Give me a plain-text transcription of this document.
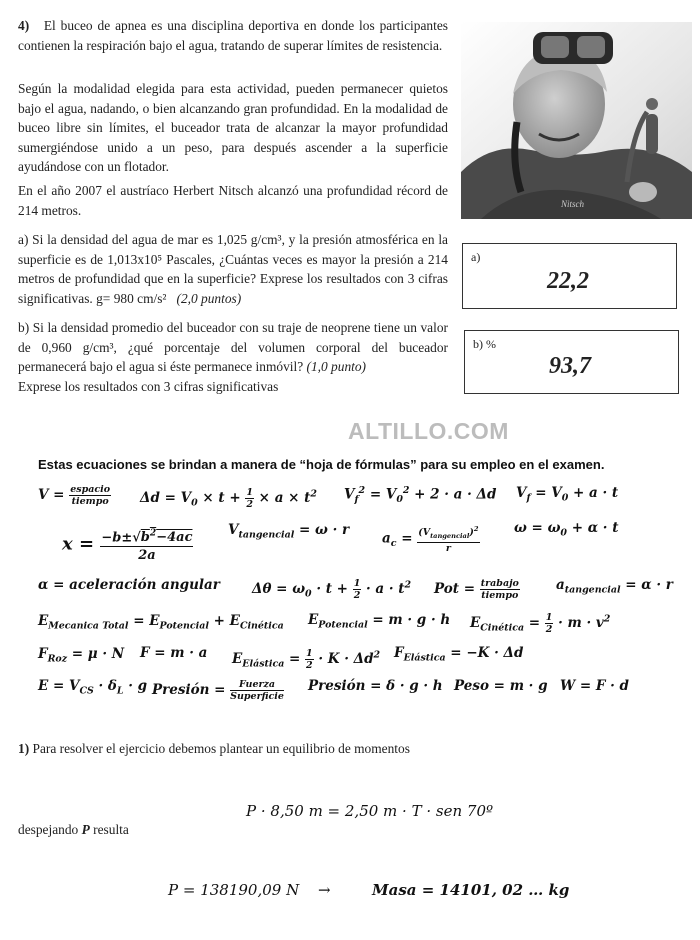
4) El buceo de apnea es una disciplina deportiva en donde los participantes contienen la respiración bajo el agua, tratando de superar límites de resistencia.
Según la modalidad elegida para esta actividad, pueden permanecer quietos bajo el agua, nadando, o bien alcanzando gran profundidad. En la modalidad de buceo libre sin límites, el buceador trata de alcanzar la mayor profundidad sumergiéndose unido a un peso, para después ascender a la superficie ayudándose con un flotador.
En el año 2007 el austríaco Herbert Nitsch alcanzó una profundidad récord de 214 metros.	Nitsch
a) Si la densidad del agua de mar es 1,025 g/cm³, y la presión atmosférica en la superficie es de 1,013x10⁵ Pascales, ¿Cuántas veces es mayor la presión a 214 metros de profundidad que en la superficie? Exprese los resultados con 3 cifras significativas. g= 980 cm/s² (2,0 puntos)
a)
22,2
b) Si la densidad promedio del buceador con su traje de neoprene tiene un valor de 0,960 g/cm³, ¿qué porcentaje del volumen corporal del buceador permanecerá bajo el agua si éste permanece inmóvil? (1,0 punto)
Exprese los resultados con 3 cifras significativas
b) %
93,7
ALTILLO.COM
Estas ecuaciones se brindan a manera de “hoja de fórmulas” para su empleo en el examen.
$V = \frac{\text{espacio}}{\text{tiempo}}$ $\Delta d = V_0 \times t + \frac{1}{2} \times a \times t^2$ $V_f^2 = V_0^2 + 2 \cdot a \cdot \Delta d$ $V_f = V_0 + a \cdot t$
$x = \frac{-b\pm√b^2-4ac}{2a}$	$V_{tangencial} = \omega \cdot r$
$a_c = \frac{(V_{tangencial})^2}{r}$	$\omega = \omega_0 + \alpha \cdot t$
α = aceleración angular $\Delta\theta = \omega_0 \cdot t + \frac{1}{2} \cdot a \cdot t^2$ Pot = $\frac{\text{trabajo}}{\text{tiempo}}$	$a_{tangencial} = \alpha \cdot r$
$E_{Mecanica Total} = E_{Potencial} + E_{Cinética}$ $E_{Potencial} = m \cdot g \cdot h$ $E_{Cinética} = \frac{1}{2} \cdot m \cdot v^2$
$F_{Roz} = \mu \cdot N$ F = m · a $E_{Elástica} = \frac{1}{2} \cdot K \cdot \Delta d^2$ $F_{Elástica} = -K \cdot \Delta d$
$E = V_{CS} \cdot \delta_L \cdot g$ Presión = $\frac{\text{Fuerza}}{\text{Superficie}}$ Presión = δ · g · h Peso = m · g W = F · d
1) Para resolver el ejercicio debemos plantear un equilibrio de momentos
P · 8,50 m = 2,50 m · T · sen 70º
despejando P resulta
P = 138190,09 N →	Masa = 14101, 02 … kg
